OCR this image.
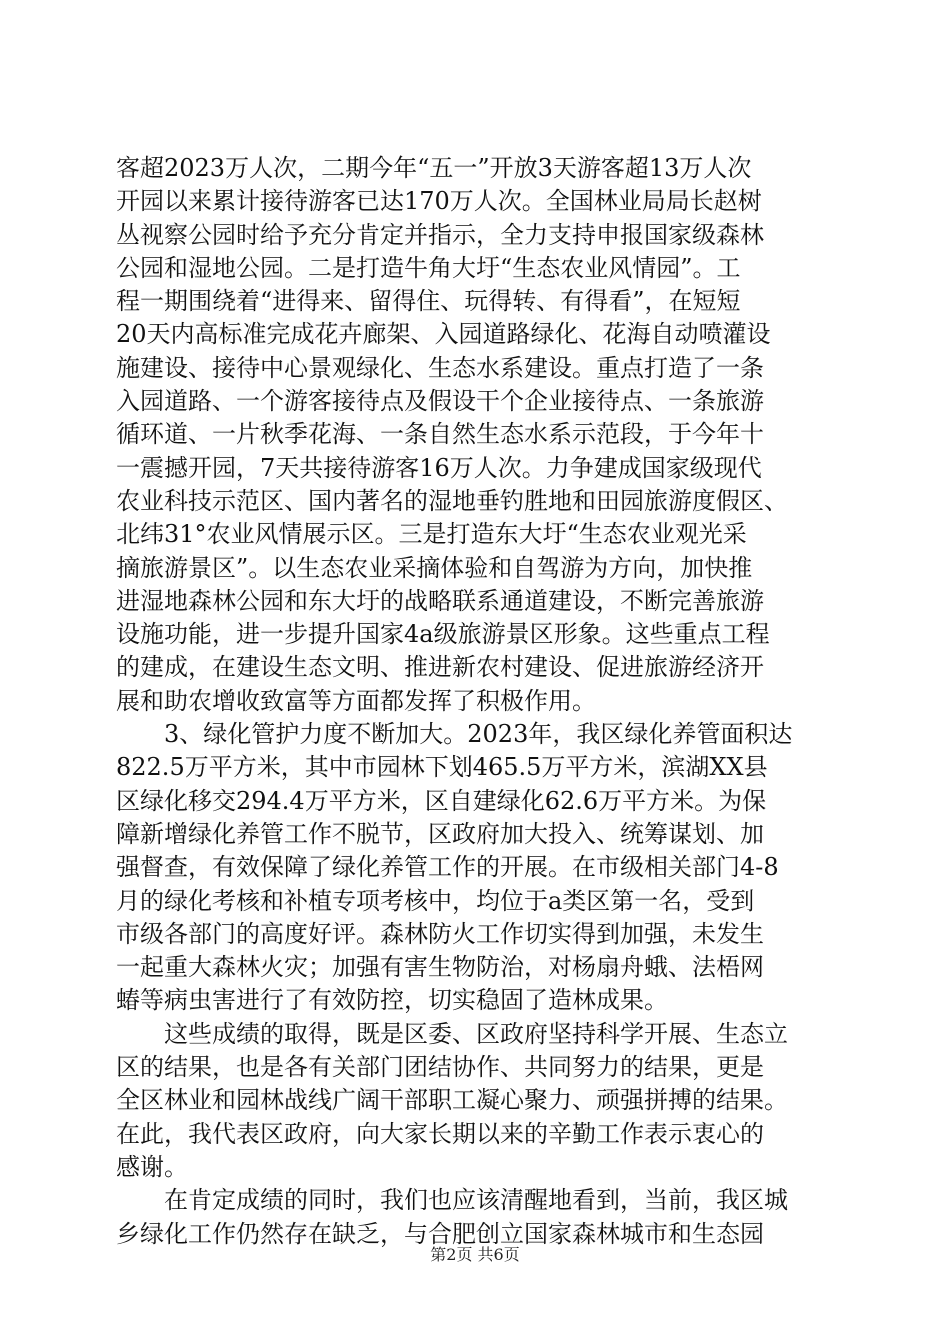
客超2023万人次，二期今年“五一”开放3天游客超13万人次
开园以来累计接待游客已达170万人次。全国林业局局长赵树
丛视察公园时给予充分肯定并指示，全力支持申报国家级森林
公园和湿地公园。二是打造牛角大圩“生态农业风情园”。工
程一期围绕着“进得来、留得住、玩得转、有得看”，在短短
20天内高标准完成花卉廊架、入园道路绿化、花海自动喷灌设
施建设、接待中心景观绿化、生态水系建设。重点打造了一条
入园道路、一个游客接待点及假设干个企业接待点、一条旅游
循环道、一片秋季花海、一条自然生态水系示范段，于今年十
一震撼开园，7天共接待游客16万人次。力争建成国家级现代
农业科技示范区、国内著名的湿地垂钓胜地和田园旅游度假区、
北纬31°农业风情展示区。三是打造东大圩“生态农业观光采
摘旅游景区”。以生态农业采摘体验和自驾游为方向，加快推
进湿地森林公园和东大圩的战略联系通道建设，不断完善旅游
设施功能，进一步提升国家4a级旅游景区形象。这些重点工程
的建成，在建设生态文明、推进新农村建设、促进旅游经济开
展和助农增收致富等方面都发挥了积极作用。
　　3、绿化管护力度不断加大。2023年，我区绿化养管面积达
822.5万平方米，其中市园林下划465.5万平方米，滨湖XX县
区绿化移交294.4万平方米，区自建绿化62.6万平方米。为保
障新增绿化养管工作不脱节，区政府加大投入、统筹谋划、加
强督查，有效保障了绿化养管工作的开展。在市级相关部门4-8
月的绿化考核和补植专项考核中，均位于a类区第一名，受到
市级各部门的高度好评。森林防火工作切实得到加强，未发生
一起重大森林火灾；加强有害生物防治，对杨扇舟蛾、法梧网
蝽等病虫害进行了有效防控，切实稳固了造林成果。
　　这些成绩的取得，既是区委、区政府坚持科学开展、生态立
区的结果，也是各有关部门团结协作、共同努力的结果，更是
全区林业和园林战线广阔干部职工凝心聚力、顽强拼搏的结果。
在此，我代表区政府，向大家长期以来的辛勤工作表示衷心的
感谢。
　　在肯定成绩的同时，我们也应该清醒地看到，当前，我区城
乡绿化工作仍然存在缺乏，与合肥创立国家森林城市和生态园
第2页 共6页
